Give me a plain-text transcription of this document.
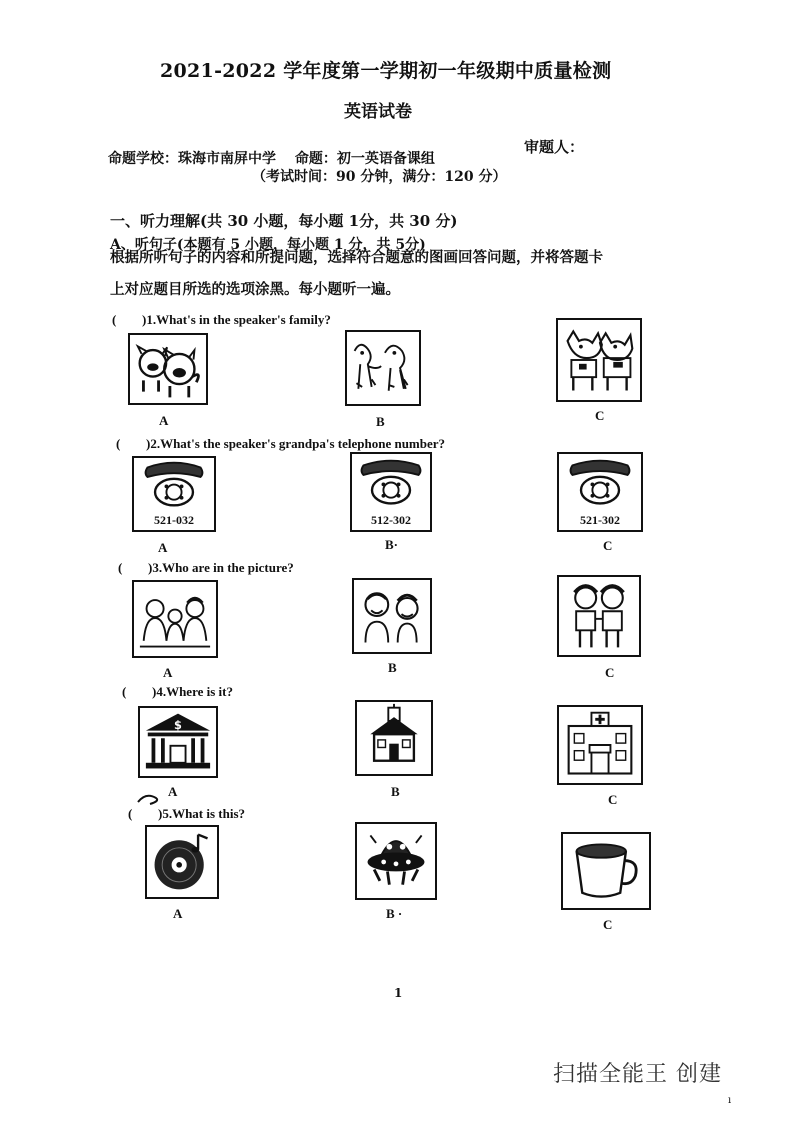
2021-2022 学年度第一学期初一年级期中质量检测
英语试卷
命题学校：珠海市南屏中学　 命题：初一英语备课组
审题人：
（考试时间：90 分钟，满分：120 分）
一、听力理解(共 30 小题，每小题 1分，共 30 分)
A、听句子(本题有 5 小题，每小题 1 分，共 5分)
根据所听句子的内容和所提问题，选择符合题意的图画回答问题，并将答题卡
上对应题目所选的选项涂黑。每小题听一遍。
( )1.What's in the speaker's family?
A	B	C
( )2.What's the speaker's grandpa's telephone number?
521-032
A
512-302
B·
521-302
C
( )3.Who are in the picture?
A	B	C
( )4.Where is it?
$
A	B
C
( )5.What is this?
A	B ·
C
1
扫描全能王 创建
ı
